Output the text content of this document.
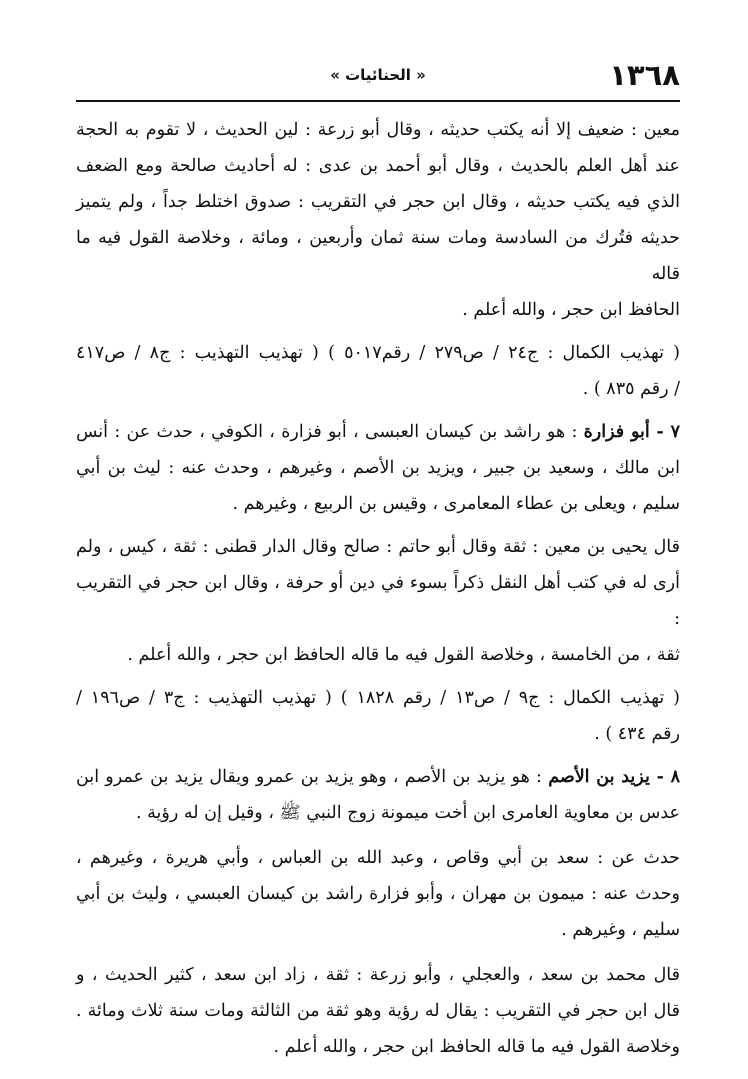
١٣٦٨
« الحنائيات »
معين : ضعيف إلا أنه يكتب حديثه ، وقال أبو زرعة : لين الحديث ، لا تقوم به الحجة
عند أهل العلم بالحديث ، وقال أبو أحمد بن عدى : له أحاديث صالحة ومع الضعف
الذي فيه يكتب حديثه ، وقال ابن حجر في التقريب : صدوق اختلط جداً ، ولم يتميز
حديثه فتُرك من السادسة ومات سنة ثمان وأربعين ، ومائة ، وخلاصة القول فيه ما قاله
الحافظ ابن حجر ، والله أعلم .
( تهذيب الكمال : ج٢٤ / ص٢٧٩ / رقم٥٠١٧ ) ( تهذيب التهذيب : ج٨ / ص٤١٧
/ رقم ٨٣٥ ) .
٧ - أبو فزارة : هو راشد بن كيسان العبسى ، أبو فزارة ، الكوفي ، حدث عن : أنس
ابن مالك ، وسعيد بن جبير ، ويزيد بن الأصم ، وغيرهم ، وحدث عنه : ليث بن أبي
سليم ، ويعلى بن عطاء المعامرى ، وقيس بن الربيع ، وغيرهم .
قال يحيى بن معين : ثقة وقال أبو حاتم : صالح وقال الدار قطنى : ثقة ، كيس ، ولم
أرى له في كتب أهل النقل ذكراً بسوء في دين أو حرفة ، وقال ابن حجر في التقريب :
ثقة ، من الخامسة ، وخلاصة القول فيه ما قاله الحافظ ابن حجر ، والله أعلم .
( تهذيب الكمال : ج٩ / ص١٣ / رقم ١٨٢٨ ) ( تهذيب التهذيب : ج٣ / ص١٩٦ /
رقم ٤٣٤ ) .
٨ - يزيد بن الأصم : هو يزيد بن الأصم ، وهو يزيد بن عمرو ويقال يزيد بن عمرو ابن
عدس بن معاوية العامرى ابن أخت ميمونة زوج النبي ﷺ ، وقيل إن له رؤية .
حدث عن : سعد بن أبي وقاص ، وعبد الله بن العباس ، وأبي هريرة ، وغيرهم ،
وحدث عنه : ميمون بن مهران ، وأبو فزارة راشد بن كيسان العبسي ، وليث بن أبي
سليم ، وغيرهم .
قال محمد بن سعد ، والعجلي ، وأبو زرعة : ثقة ، زاد ابن سعد ، كثير الحديث ، و
قال ابن حجر في التقريب : يقال له رؤية وهو ثقة من الثالثة ومات سنة ثلاث ومائة .
وخلاصة القول فيه ما قاله الحافظ ابن حجر ، والله أعلم .
